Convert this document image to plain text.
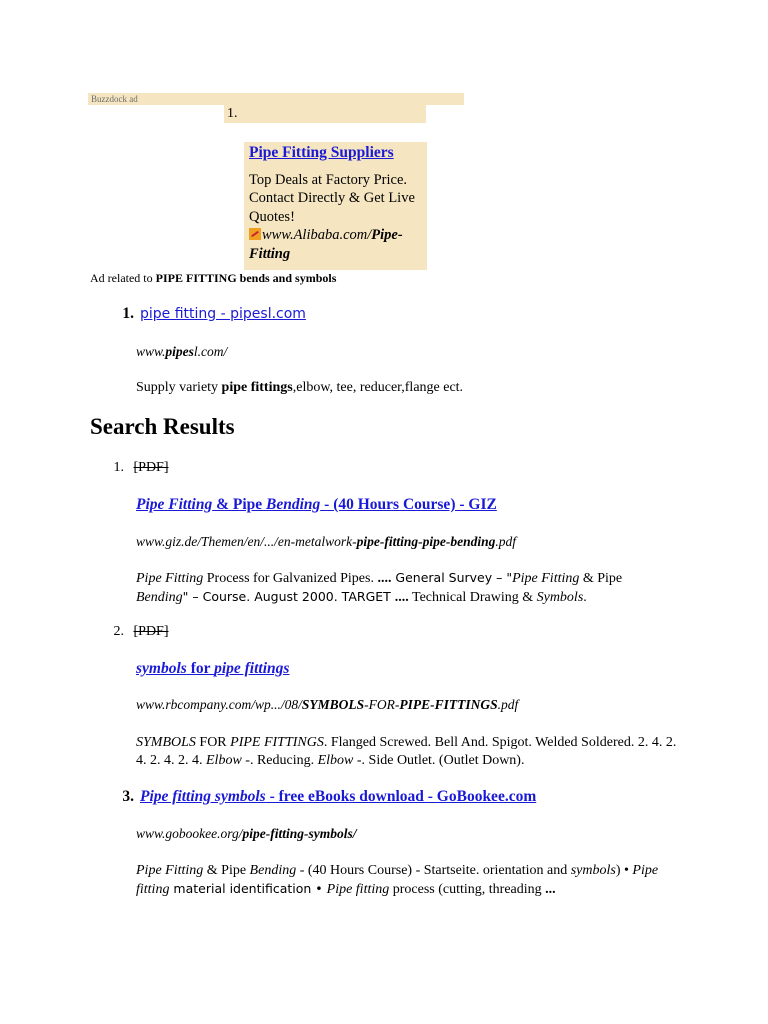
Buzzdock ad
1.
Pipe Fitting Suppliers
Top Deals at Factory Price. Contact Directly & Get Live Quotes!
www.Alibaba.com/Pipe-Fitting
Ad related to PIPE FITTING bends and symbols
1. pipe fitting - pipesl.com
www.pipesl.com/
Supply variety pipe fittings,elbow, tee, reducer,flange ect.
Search Results
1. [PDF]
Pipe Fitting & Pipe Bending - (40 Hours Course) - GIZ
www.giz.de/Themen/en/.../en-metalwork-pipe-fitting-pipe-bending.pdf
Pipe Fitting Process for Galvanized Pipes. .... General Survey – "Pipe Fitting & Pipe Bending" – Course. August 2000. TARGET .... Technical Drawing & Symbols.
2. [PDF]
symbols for pipe fittings
www.rbcompany.com/wp.../08/SYMBOLS-FOR-PIPE-FITTINGS.pdf
SYMBOLS FOR PIPE FITTINGS. Flanged Screwed. Bell And. Spigot. Welded Soldered. 2. 4. 2. 4. 2. 4. 2. 4. Elbow -. Reducing. Elbow -. Side Outlet. (Outlet Down).
3. Pipe fitting symbols - free eBooks download - GoBookee.com
www.gobookee.org/pipe-fitting-symbols/
Pipe Fitting & Pipe Bending - (40 Hours Course) - Startseite. orientation and symbols) • Pipe fitting material identification • Pipe fitting process (cutting, threading ...
